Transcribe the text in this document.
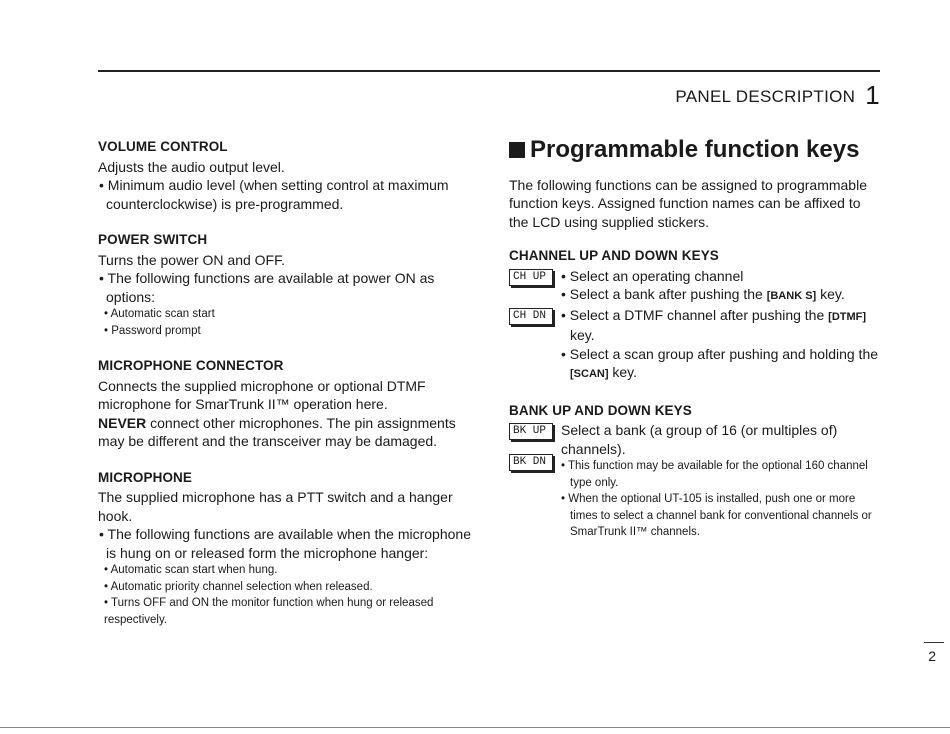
PANEL DESCRIPTION 1
VOLUME CONTROL

Adjusts the audio output level.

• Minimum audio level (when setting control at maximum counterclockwise) is pre-programmed.

POWER SWITCH

Turns the power ON and OFF.

• The following functions are available at power ON as options:

• Automatic scan start

• Password prompt

MICROPHONE CONNECTOR

Connects the supplied microphone or optional DTMF microphone for SmarTrunk II™ operation here.

NEVER connect other microphones. The pin assignments may be different and the transceiver may be damaged.

MICROPHONE

The supplied microphone has a PTT switch and a hanger hook.

• The following functions are available when the microphone is hung on or released form the microphone hanger:

• Automatic scan start when hung.

• Automatic priority channel selection when released.

• Turns OFF and ON the monitor function when hung or released respectively.

Programmable function keys

The following functions can be assigned to programmable function keys. Assigned function names can be affixed to the LCD using supplied stickers.

CHANNEL UP AND DOWN KEYS
CH UP
CH DN

• Select an operating channel

• Select a bank after pushing the [BANK S] key.

• Select a DTMF channel after pushing the [DTMF] key.

• Select a scan group after pushing and holding the [SCAN] key.

BANK UP AND DOWN KEYS
BK UP
BK DN

Select a bank (a group of 16 (or multiples of) channels).

• This function may be available for the optional 160 channel type only.

• When the optional UT-105 is installed, push one or more times to select a channel bank for conventional channels or SmarTrunk II™ channels.

2
